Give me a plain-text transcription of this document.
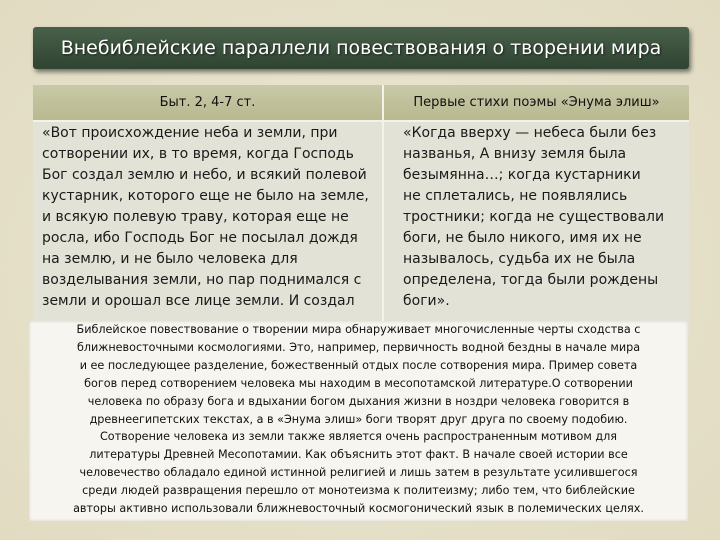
Внебиблейские параллели повествования о творении мира
Быт. 2, 4-7 ст.	Первые стихи поэмы «Энума элиш»
«Вот происхождение неба и земли, при
сотворении их, в то время, когда Господь
Бог создал землю и небо, и всякий полевой
кустарник, которого еще не было на земле,
и всякую полевую траву, которая еще не
росла, ибо Господь Бог не посылал дождя
на землю, и не было человека для
возделывания земли, но пар поднимался с
земли и орошал все лице земли. И создал
«Когда вверху — небеса были без
названья, А внизу земля была
безымянна…; когда кустарники
не сплетались, не появлялись
тростники; когда не существовали
боги, не было никого, имя их не
называлось, судьба их не была
определена, тогда были рождены
боги».
Библейское повествование о творении мира обнаруживает многочисленные черты сходства с
ближневосточными космологиями. Это, например, первичность водной бездны в начале мира
и ее последующее разделение, божественный отдых после сотворения мира. Пример совета
богов перед сотворением человека мы находим в месопотамской литературе.О сотворении
человека по образу бога и вдыхании богом дыхания жизни в ноздри человека говорится в
древнеегипетских текстах, а в «Энума элиш» боги творят друг друга по своему подобию.
Сотворение человека из земли также является очень распространенным мотивом для
литературы Древней Месопотамии. Как объяснить этот факт. В начале своей истории все
человечество обладало единой истинной религией и лишь затем в результате усилившегося
среди людей развращения перешло от монотеизма к политеизму; либо тем, что библейские
авторы активно использовали ближневосточный космогонический язык в полемических целях.
